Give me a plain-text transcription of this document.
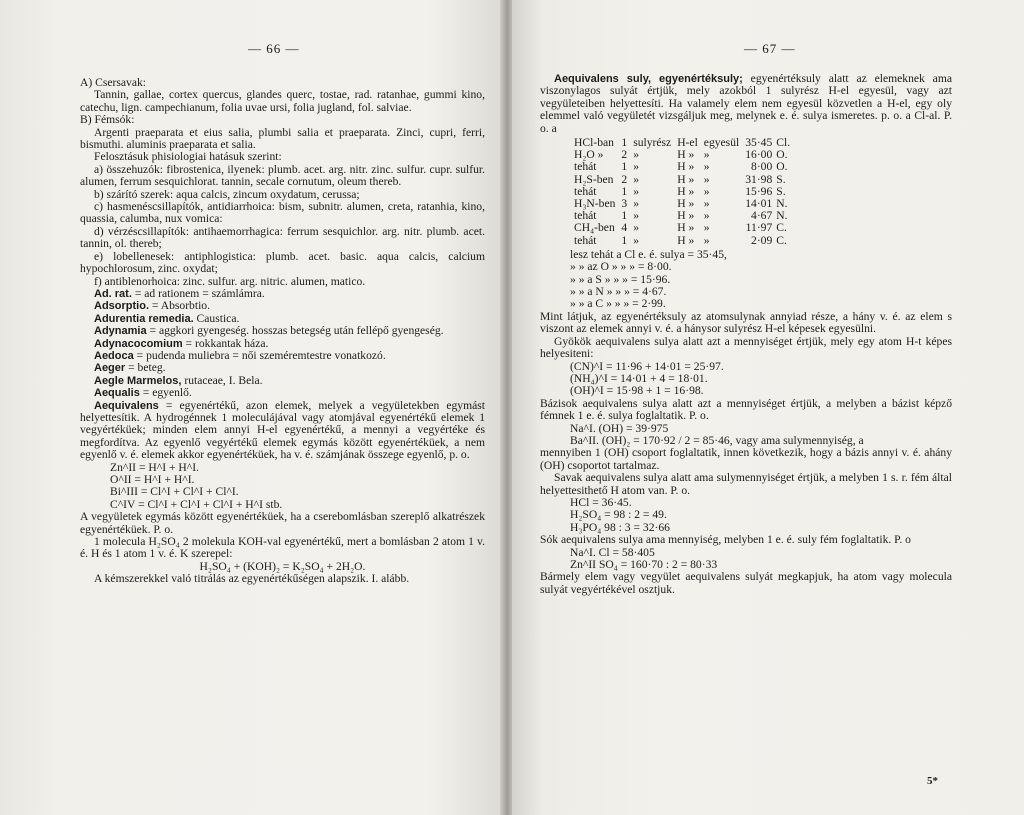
— 66 —

A) Csersavak:

Tannin, gallae, cortex quercus, glandes querc, tostae, rad. ratanhae, gummi kino, catechu, lign. campechianum, folia uvae ursi, folia jugland, fol. salviae.

B) Fémsók:

Argenti praeparata et eius salia, plumbi salia et praeparata. Zinci, cupri, ferri, bismuthi. aluminis praeparata et salia.

Felosztásuk phisiologiai hatásuk szerint:

a) összehuzók: fibrostenica, ilyenek: plumb. acet. arg. nitr. zinc. sulfur. cupr. sulfur. alumen, ferrum sesquichlorat. tannin, secale cornutum, oleum thereb.

b) szárító szerek: aqua calcis, zincum oxydatum, cerussa;

c) hasmenéscsillapítók, antidiarrhoica: bism, subnitr. alumen, creta, ratanhia, kino, quassia, calumba, nux vomica:

d) vérzéscsillapítók: antihaemorrhagica: ferrum sesquichlor. arg. nitr. plumb. acet. tannin, ol. thereb;

e) lobellenesek: antiphlogistica: plumb. acet. basic. aqua calcis, calcium hypochlorosum, zinc. oxydat;

f) antiblenorhoica: zinc. sulfur. arg. nitric. alumen, matico.

Ad. rat. = ad rationem = számlámra.

Adsorptio. = Absorbtio.

Adurentia remedia. Caustica.

Adynamia = aggkori gyengeség. hosszas betegség után fellépő gyengeség.

Adynacocomium = rokkantak háza.

Aedoca = pudenda muliebra = női szeméremtestre vonatkozó.

Aeger = beteg.

Aegle Marmelos, rutaceae, I. Bela.

Aequalis = egyenlő.

Aequivalens = egyenértékű, azon elemek, melyek a vegyületekben egymást helyettesítik. A hydrogénnek 1 moleculájával vagy atomjával egyenértékű elemek 1 vegyértéküek; minden elem annyi H-el egyenértékű, a mennyi a vegyértéke és megfordítva. Az egyenlő vegyértékű elemek egymás között egyenértéküek, a nem egyenlő v. é. elemek akkor egyenértéküek, ha v. é. számjának összege egyenlő, p. o.

Zn^II = H^I + H^I.

O^II = H^I + H^I.

Bi^III = Cl^I + Cl^I + Cl^I.

C^IV = Cl^I + Cl^I + Cl^I + H^I stb.

A vegyületek egymás között egyenértéküek, ha a cserebomlásban szereplő alkatrészek egyenértéküek. P. o.

1 molecula H₂SO₄ 2 molekula KOH-val egyenértékű, mert a bomlásban 2 atom 1 v. é. H és 1 atom 1 v. é. K szerepel:

H₂SO₄ + (KOH)₂ = K₂SO₄ + 2H₂O.

A kémszerekkel való titrálás az egyenértékűségen alapszik. I. alább.

— 67 —

Aequivalens suly, egyenértéksuly; egyenértéksuly alatt az elemeknek ama viszonylagos sulyát értjük, mely azokból 1 sulyrész H-el egyesül, vagy azt vegyületeiben helyettesíti. Ha valamely elem nem egyesül közvetlen a H-el, egy oly elemmel való vegyületét vizsgáljuk meg, melynek e. é. sulya ismeretes. p. o. a Cl-al. P. o. a

HCl-ban	1	sulyrész	H-el	egyesül	35·45	Cl.
H₂O »	2	»	H »	»	16·00	O.
tehát	1	»	H »	»	8·00	O.
H₂S-ben	2	»	H »	»	31·98	S.
tehát	1	»	H »	»	15·96	S.
H₃N-ben	3	»	H »	»	14·01	N.
tehát	1	»	H »	»	4·67	N.
CH₄-ben	4	»	H »	»	11·97	C.
tehát	1	»	H »	»	2·09	C.

lesz tehát a Cl e. é. sulya = 35·45,

» » az O » » » = 8·00.

» » a S » » » = 15·96.

» » a N » » » = 4·67.

» » a C » » » = 2·99.

Mint látjuk, az egyenértéksuly az atomsulynak annyiad része, a hány v. é. az elem s viszont az elemek annyi v. é. a hánysor sulyrész H-el képesek egyesülni.

Gyökök aequivalens sulya alatt azt a mennyiséget értjük, mely egy atom H-t képes helyesiteni:

(CN)^I = 11·96 + 14·01 = 25·97.

(NH₄)^I = 14·01 + 4 = 18·01.

(OH)^I = 15·98 + 1 = 16·98.

Bázisok aequivalens sulya alatt azt a mennyiséget értjük, a melyben a bázist képző fémnek 1 e. é. sulya foglaltatik. P. o.

Na^I. (OH) = 39·975

Ba^II. (OH)₂ = 170·92 / 2 = 85·46, vagy ama sulymennyiség, a

mennyiben 1 (OH) csoport foglaltatik, innen következik, hogy a bázis annyi v. é. ahány (OH) csoportot tartalmaz.

Savak aequivalens sulya alatt ama sulymennyiséget értjük, a melyben 1 s. r. fém által helyettesithető H atom van. P. o.

HCl = 36·45.

H₂SO₄ = 98 : 2 = 49.

H₃PO₄ 98 : 3 = 32·66

Sók aequivalens sulya ama mennyiség, melyben 1 e. é. suly fém foglaltatik. P. o

Na^I. Cl = 58·405

Zn^II SO₄ = 160·70 : 2 = 80·33

Bármely elem vagy vegyület aequivalens sulyát megkapjuk, ha atom vagy molecula sulyát vegyértékével osztjuk.

5*
